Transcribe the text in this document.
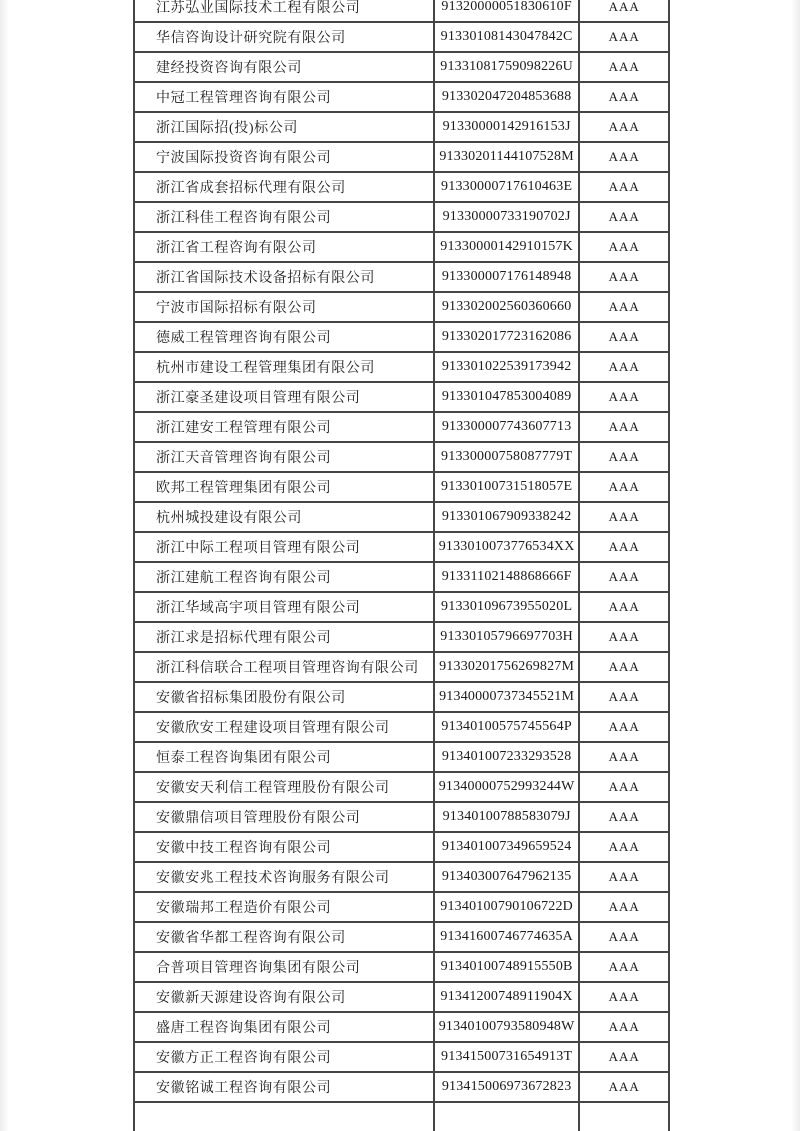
江苏弘业国际技术工程有限公司	91320000051830610F	AAA
华信咨询设计研究院有限公司	91330108143047842C	AAA
建经投资咨询有限公司	91331081759098226U	AAA
中冠工程管理咨询有限公司	913302047204853688	AAA
浙江国际招(投)标公司	91330000142916153J	AAA
宁波国际投资咨询有限公司	91330201144107528M	AAA
浙江省成套招标代理有限公司	91330000717610463E	AAA
浙江科佳工程咨询有限公司	91330000733190702J	AAA
浙江省工程咨询有限公司	91330000142910157K	AAA
浙江省国际技术设备招标有限公司	913300007176148948	AAA
宁波市国际招标有限公司	913302002560360660	AAA
德威工程管理咨询有限公司	913302017723162086	AAA
杭州市建设工程管理集团有限公司	913301022539173942	AAA
浙江豪圣建设项目管理有限公司	913301047853004089	AAA
浙江建安工程管理有限公司	913300007743607713	AAA
浙江天音管理咨询有限公司	91330000758087779T	AAA
欧邦工程管理集团有限公司	91330100731518057E	AAA
杭州城投建设有限公司	913301067909338242	AAA
浙江中际工程项目管理有限公司	9133010073776534XX	AAA
浙江建航工程咨询有限公司	91331102148868666F	AAA
浙江华域高宇项目管理有限公司	91330109673955020L	AAA
浙江求是招标代理有限公司	91330105796697703H	AAA
浙江科信联合工程项目管理咨询有限公司	91330201756269827M	AAA
安徽省招标集团股份有限公司	91340000737345521M	AAA
安徽欣安工程建设项目管理有限公司	91340100575745564P	AAA
恒泰工程咨询集团有限公司	913401007233293528	AAA
安徽安天利信工程管理股份有限公司	91340000752993244W	AAA
安徽鼎信项目管理股份有限公司	91340100788583079J	AAA
安徽中技工程咨询有限公司	913401007349659524	AAA
安徽安兆工程技术咨询服务有限公司	913403007647962135	AAA
安徽瑞邦工程造价有限公司	91340100790106722D	AAA
安徽省华都工程咨询有限公司	91341600746774635A	AAA
合普项目管理咨询集团有限公司	91340100748915550B	AAA
安徽新天源建设咨询有限公司	91341200748911904X	AAA
盛唐工程咨询集团有限公司	91340100793580948W	AAA
安徽方正工程咨询有限公司	91341500731654913T	AAA
安徽铭诚工程咨询有限公司	913415006973672823	AAA
